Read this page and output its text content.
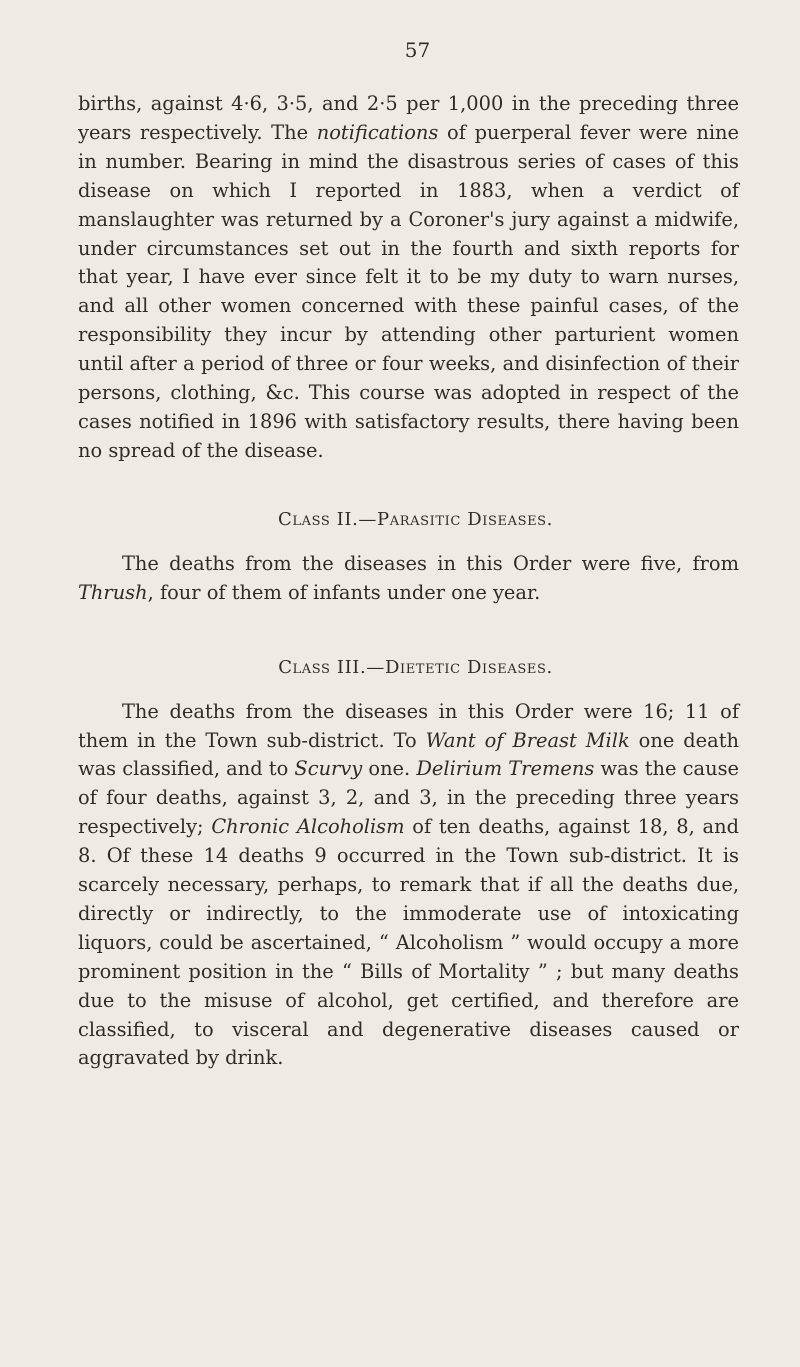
57

births, against 4·6, 3·5, and 2·5 per 1,000 in the preceding three years respectively. The notifications of puerperal fever were nine in number. Bearing in mind the disastrous series of cases of this disease on which I reported in 1883, when a verdict of manslaughter was returned by a Coroner's jury against a midwife, under circumstances set out in the fourth and sixth reports for that year, I have ever since felt it to be my duty to warn nurses, and all other women concerned with these painful cases, of the responsibility they incur by attending other parturient women until after a period of three or four weeks, and disinfection of their persons, clothing, &c. This course was adopted in respect of the cases notified in 1896 with satisfactory results, there having been no spread of the disease.

Class II.—Parasitic Diseases.

The deaths from the diseases in this Order were five, from Thrush, four of them of infants under one year.

Class III.—Dietetic Diseases.

The deaths from the diseases in this Order were 16; 11 of them in the Town sub-district. To Want of Breast Milk one death was classified, and to Scurvy one. Delirium Tremens was the cause of four deaths, against 3, 2, and 3, in the preceding three years respectively; Chronic Alcoholism of ten deaths, against 18, 8, and 8. Of these 14 deaths 9 occurred in the Town sub-district. It is scarcely necessary, perhaps, to remark that if all the deaths due, directly or indirectly, to the immoderate use of intoxicating liquors, could be ascertained, “ Alcoholism ” would occupy a more prominent position in the “ Bills of Mortality ” ; but many deaths due to the misuse of alcohol, get certified, and therefore are classified, to visceral and degenerative diseases caused or aggravated by drink.
